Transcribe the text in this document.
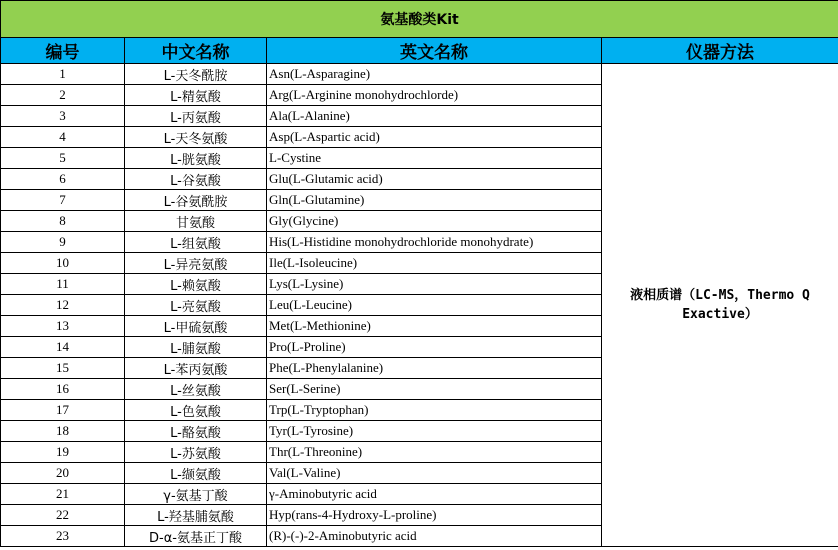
氨基酸类Kit			
编号	中文名称	英文名称	仪器方法
1	L-天冬酰胺	Asn(L-Asparagine)	液相质谱（LC-MS，Thermo Q Exactive）
2	L-精氨酸	Arg(L-Arginine monohydrochlorde)	
3	L-丙氨酸	Ala(L-Alanine)	
4	L-天冬氨酸	Asp(L-Aspartic acid)	
5	L-胱氨酸	L-Cystine	
6	L-谷氨酸	Glu(L-Glutamic acid)	
7	L-谷氨酰胺	Gln(L-Glutamine)	
8	甘氨酸	Gly(Glycine)	
9	L-组氨酸	His(L-Histidine monohydrochloride monohydrate)	
10	L-异亮氨酸	Ile(L-Isoleucine)	
11	L-赖氨酸	Lys(L-Lysine)	
12	L-亮氨酸	Leu(L-Leucine)	
13	L-甲硫氨酸	Met(L-Methionine)	
14	L-脯氨酸	Pro(L-Proline)	
15	L-苯丙氨酸	Phe(L-Phenylalanine)	
16	L-丝氨酸	Ser(L-Serine)	
17	L-色氨酸	Trp(L-Tryptophan)	
18	L-酪氨酸	Tyr(L-Tyrosine)	
19	L-苏氨酸	Thr(L-Threonine)	
20	L-缬氨酸	Val(L-Valine)	
21	γ-氨基丁酸	γ-Aminobutyric acid	
22	L-羟基脯氨酸	Hyp(rans-4-Hydroxy-L-proline)	
23	D-α-氨基正丁酸	(R)-(-)-2-Aminobutyric acid	
